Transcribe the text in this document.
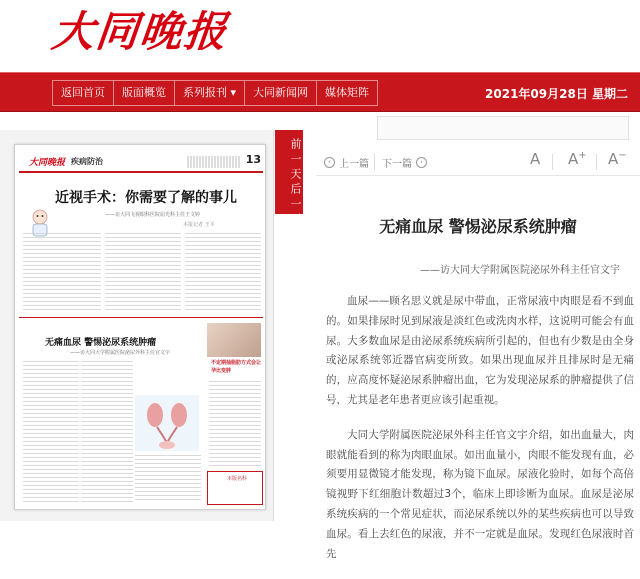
大同晚报
返回首页	版面概览	系列报刊 ▾	大同新闻网	媒体矩阵	2021年09月28日 星期二
大同晚报 疾病防治	13
近视手术：你需要了解的事儿
——访大同飞视眼科医院屈光科主任王文婷
本报记者 王平
无痛血尿 警惕泌尿系统肿瘤
——访大同大学附属医院泌尿外科主任官文宇
不定期抽脂肪方式会让孕比变胖
本版名科
前
一
天
后
一
天
‹ 上一篇 下一篇	›	A A+ A−
无痛血尿 警惕泌尿系统肿瘤
——访大同大学附属医院泌尿外科主任官文宇

血尿——顾名思义就是尿中带血，正常尿液中肉眼是看不到血的。如果排尿时见到尿液是淡红色或洗肉水样，这说明可能会有血尿。大多数血尿是由泌尿系统疾病所引起的，但也有少数是由全身或泌尿系统邻近器官病变所致。如果出现血尿并且排尿时是无痛的，应高度怀疑泌尿系肿瘤出血，它为发现泌尿系的肿瘤提供了信号，尤其是老年患者更应该引起重视。

大同大学附属医院泌尿外科主任官文宇介绍，如出血量大，肉眼就能看到的称为肉眼血尿。如出血量小，肉眼不能发现有血，必须要用显微镜才能发现，称为镜下血尿。尿液化验时，如每个高倍镜视野下红细胞计数超过3个，临床上即诊断为血尿。血尿是泌尿系统疾病的一个常见症状，而泌尿系统以外的某些疾病也可以导致血尿。看上去红色的尿液，并不一定就是血尿。发现红色尿液时首先
